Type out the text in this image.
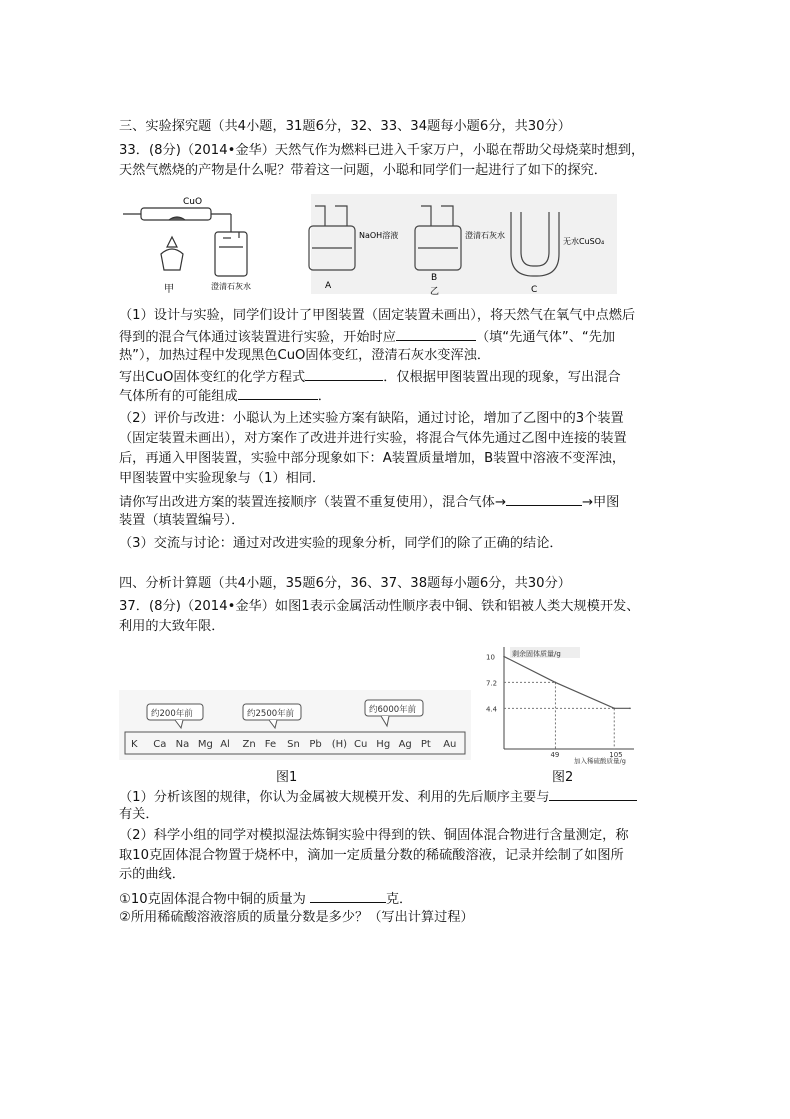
三、实验探究题（共4小题，31题6分，32、33、34题每小题6分，共30分）
33．(8分)（2014•金华）天然气作为燃料已进入千家万户，小聪在帮助父母烧菜时想到，
天然气燃烧的产物是什么呢？带着这一问题，小聪和同学们一起进行了如下的探究．
CuO
甲	澄清石灰水
NaOH溶液
A
澄清石灰水
B
乙
无水CuSO₄
C
（1）设计与实验，同学们设计了甲图装置（固定装置未画出），将天然气在氧气中点燃后
得到的混合气体通过该装置进行实验，开始时应	（填“先通气体”、“先加
热”），加热过程中发现黑色CuO固体变红，澄清石灰水变浑浊．
写出CuO固体变红的化学方程式	．仅根据甲图装置出现的现象，写出混合
气体所有的可能组成	．
（2）评价与改进：小聪认为上述实验方案有缺陷，通过讨论，增加了乙图中的3个装置
（固定装置未画出），对方案作了改进并进行实验，将混合气体先通过乙图中连接的装置
后，再通入甲图装置，实验中部分现象如下：A装置质量增加，B装置中溶液不变浑浊，
甲图装置中实验现象与（1）相同．
请你写出改进方案的装置连接顺序（装置不重复使用），混合气体→	→甲图
装置（填装置编号）．
（3）交流与讨论：通过对改进实验的现象分析，同学们的除了正确的结论．
四、分析计算题（共4小题，35题6分，36、37、38题每小题6分，共30分）
37．(8分)（2014•金华）如图1表示金属活动性顺序表中铜、铁和铝被人类大规模开发、
利用的大致年限．
约200年前	约2500年前	约6000年前
K Ca Na Mg Al Zn Fe Sn Pb (H) Cu Hg Ag Pt Au
剩余固体质量/g
加入稀硫酸质量/g
10
7.2
4.4
49	105
图1	图2
（1）分析该图的规律，你认为金属被大规模开发、利用的先后顺序主要与
有关．
（2）科学小组的同学对模拟湿法炼铜实验中得到的铁、铜固体混合物进行含量测定，称
取10克固体混合物置于烧杯中，滴加一定质量分数的稀硫酸溶液，记录并绘制了如图所
示的曲线．
①10克固体混合物中铜的质量为	克．
②所用稀硫酸溶液溶质的质量分数是多少？（写出计算过程）
